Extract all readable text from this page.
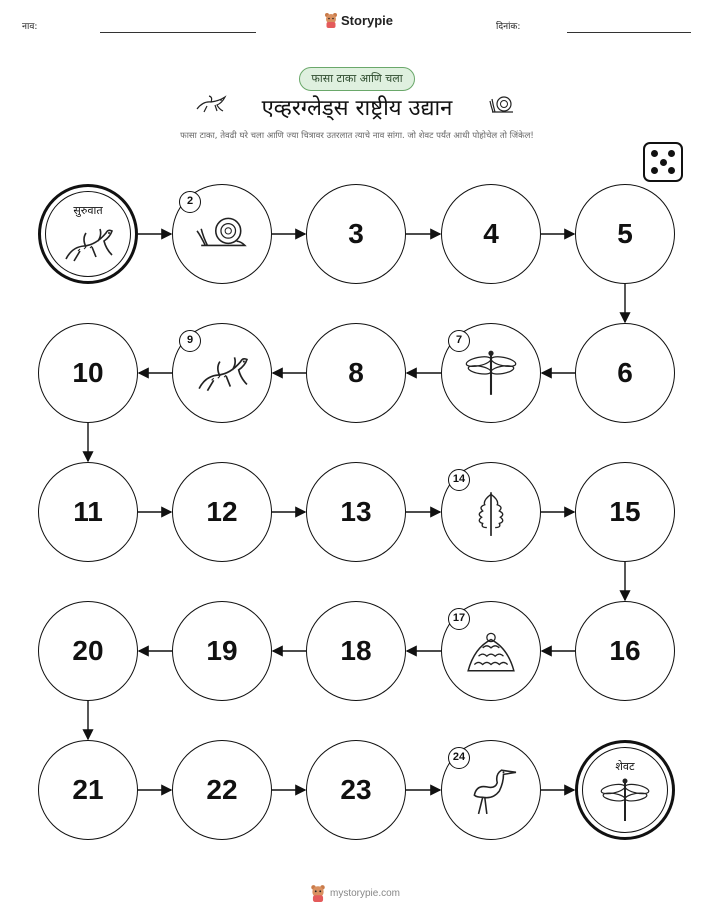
नाव:	Storypie	दिनांक:
फासा टाका आणि चला
एव्हरग्लेड्स राष्ट्रीय उद्यान
फासा टाका, तेवढी घरे चला आणि ज्या चित्रावर उतरलात त्याचे नाव सांगा. जो शेवट पर्यंत आधी पोहोचेल तो जिंकेल!
शेवट
23
22
21
20	19	18	16
15
13
12
11
10	8	6
5
4
3
सुरुवात
2
7
9
14
17
24
mystorypie.com
